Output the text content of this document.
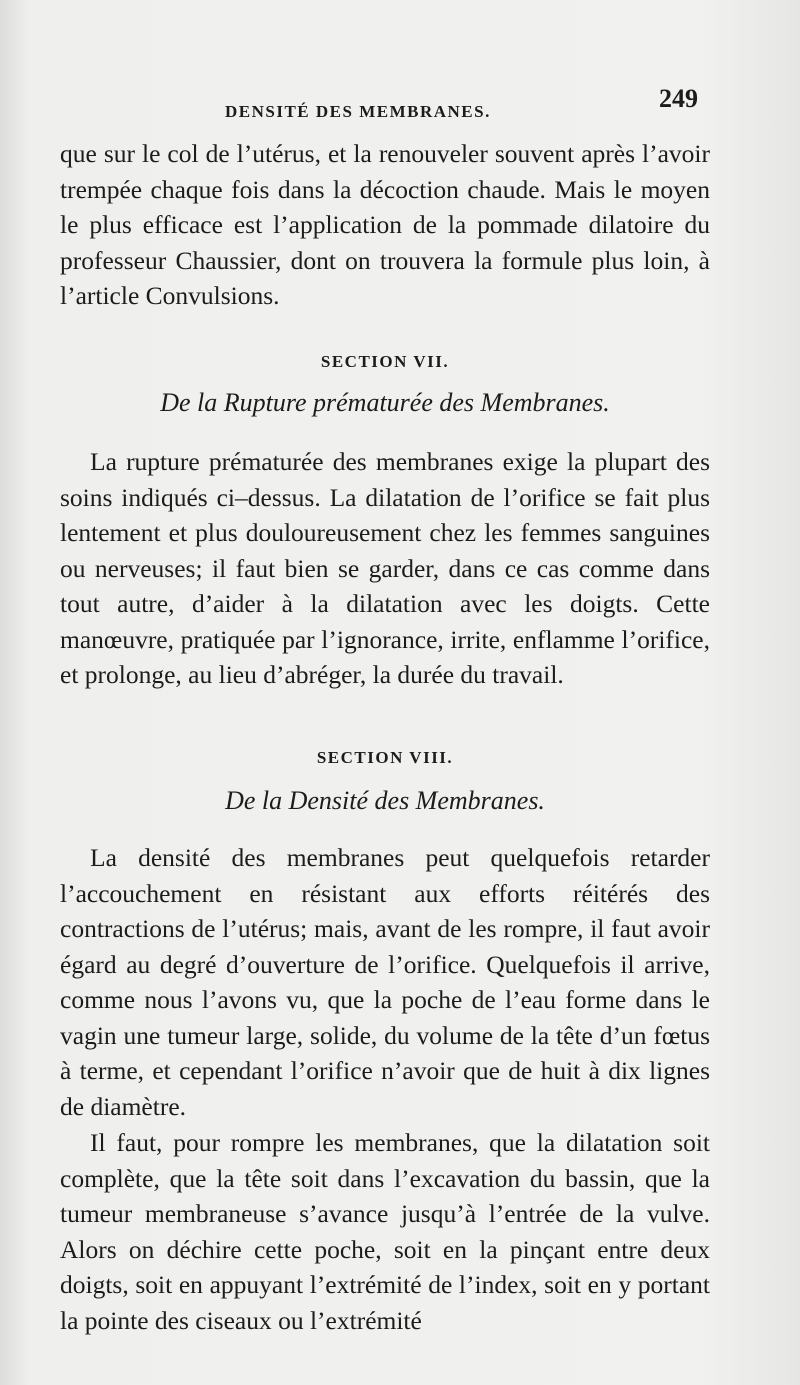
DENSITÉ DES MEMBRANES.	249

que sur le col de l’utérus, et la renouveler souvent après l’avoir trempée chaque fois dans la décoction chaude. Mais le moyen le plus efficace est l’application de la pommade dilatoire du professeur Chaussier, dont on trouvera la formule plus loin, à l’article Convulsions.

SECTION VII.
De la Rupture prématurée des Membranes.

La rupture prématurée des membranes exige la plupart des soins indiqués ci–dessus. La dilatation de l’orifice se fait plus lentement et plus douloureusement chez les femmes sanguines ou nerveuses; il faut bien se garder, dans ce cas comme dans tout autre, d’aider à la dilatation avec les doigts. Cette manœuvre, pratiquée par l’ignorance, irrite, enflamme l’orifice, et prolonge, au lieu d’abréger, la durée du travail.

SECTION VIII.
De la Densité des Membranes.

La densité des membranes peut quelquefois retarder l’accouchement en résistant aux efforts réitérés des contractions de l’utérus; mais, avant de les rompre, il faut avoir égard au degré d’ouverture de l’orifice. Quelquefois il arrive, comme nous l’avons vu, que la poche de l’eau forme dans le vagin une tumeur large, solide, du volume de la tête d’un fœtus à terme, et cependant l’orifice n’avoir que de huit à dix lignes de diamètre.

Il faut, pour rompre les membranes, que la dilatation soit complète, que la tête soit dans l’excavation du bassin, que la tumeur membraneuse s’avance jusqu’à l’entrée de la vulve. Alors on déchire cette poche, soit en la pinçant entre deux doigts, soit en appuyant l’extrémité de l’index, soit en y portant la pointe des ciseaux ou l’extrémité
